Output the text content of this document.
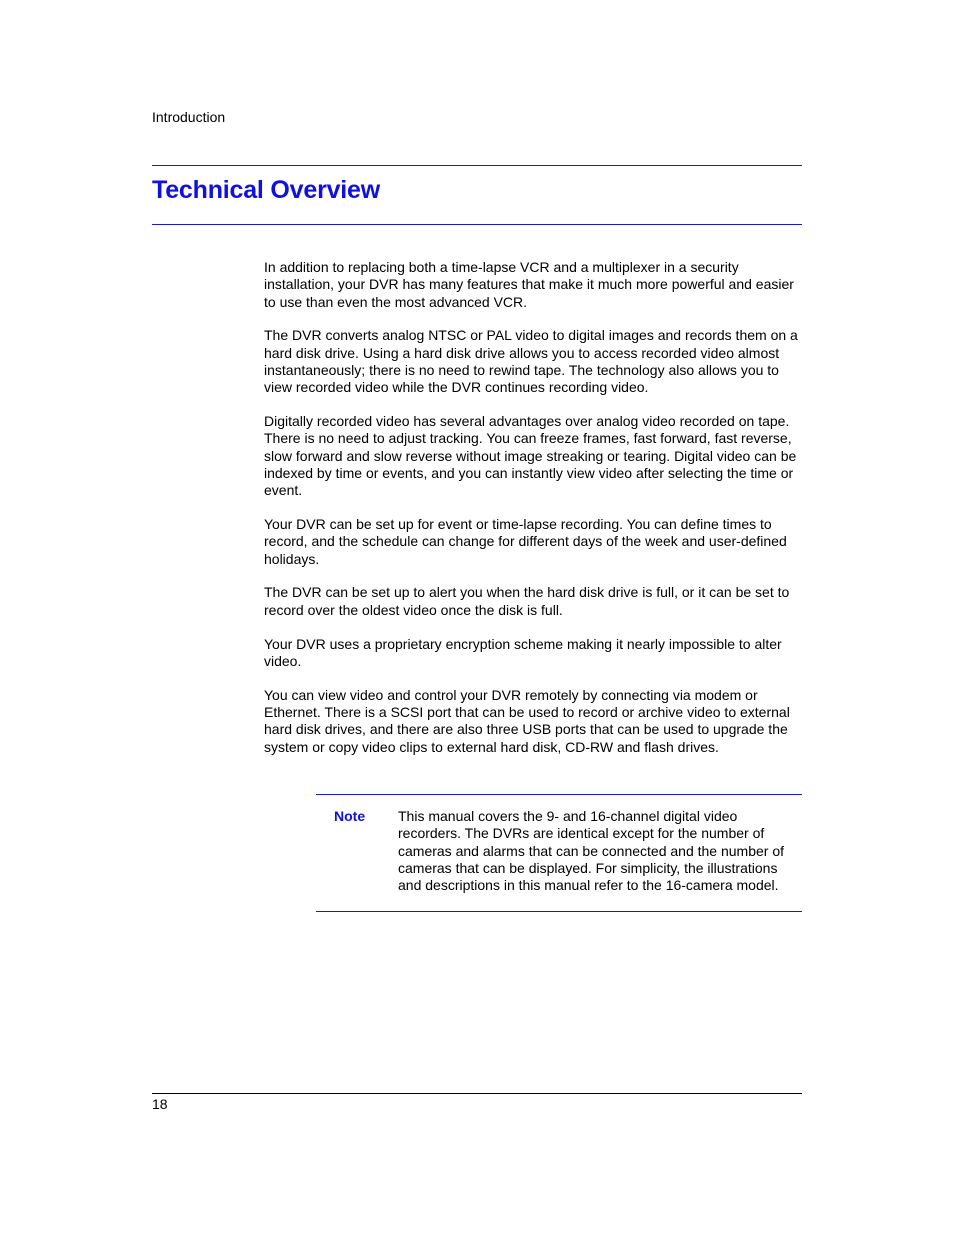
Introduction
Technical Overview

In addition to replacing both a time-lapse VCR and a multiplexer in a security installation, your DVR has many features that make it much more powerful and easier to use than even the most advanced VCR.

The DVR converts analog NTSC or PAL video to digital images and records them on a hard disk drive. Using a hard disk drive allows you to access recorded video almost instantaneously; there is no need to rewind tape. The technology also allows you to view recorded video while the DVR continues recording video.

Digitally recorded video has several advantages over analog video recorded on tape. There is no need to adjust tracking. You can freeze frames, fast forward, fast reverse, slow forward and slow reverse without image streaking or tearing. Digital video can be indexed by time or events, and you can instantly view video after selecting the time or event.

Your DVR can be set up for event or time-lapse recording. You can define times to record, and the schedule can change for different days of the week and user-defined holidays.

The DVR can be set up to alert you when the hard disk drive is full, or it can be set to record over the oldest video once the disk is full.

Your DVR uses a proprietary encryption scheme making it nearly impossible to alter video.

You can view video and control your DVR remotely by connecting via modem or Ethernet. There is a SCSI port that can be used to record or archive video to external hard disk drives, and there are also three USB ports that can be used to upgrade the system or copy video clips to external hard disk, CD-RW and flash drives.

Note This manual covers the 9- and 16-channel digital video recorders. The DVRs are identical except for the number of cameras and alarms that can be connected and the number of cameras that can be displayed. For simplicity, the illustrations and descriptions in this manual refer to the 16-camera model.
18
